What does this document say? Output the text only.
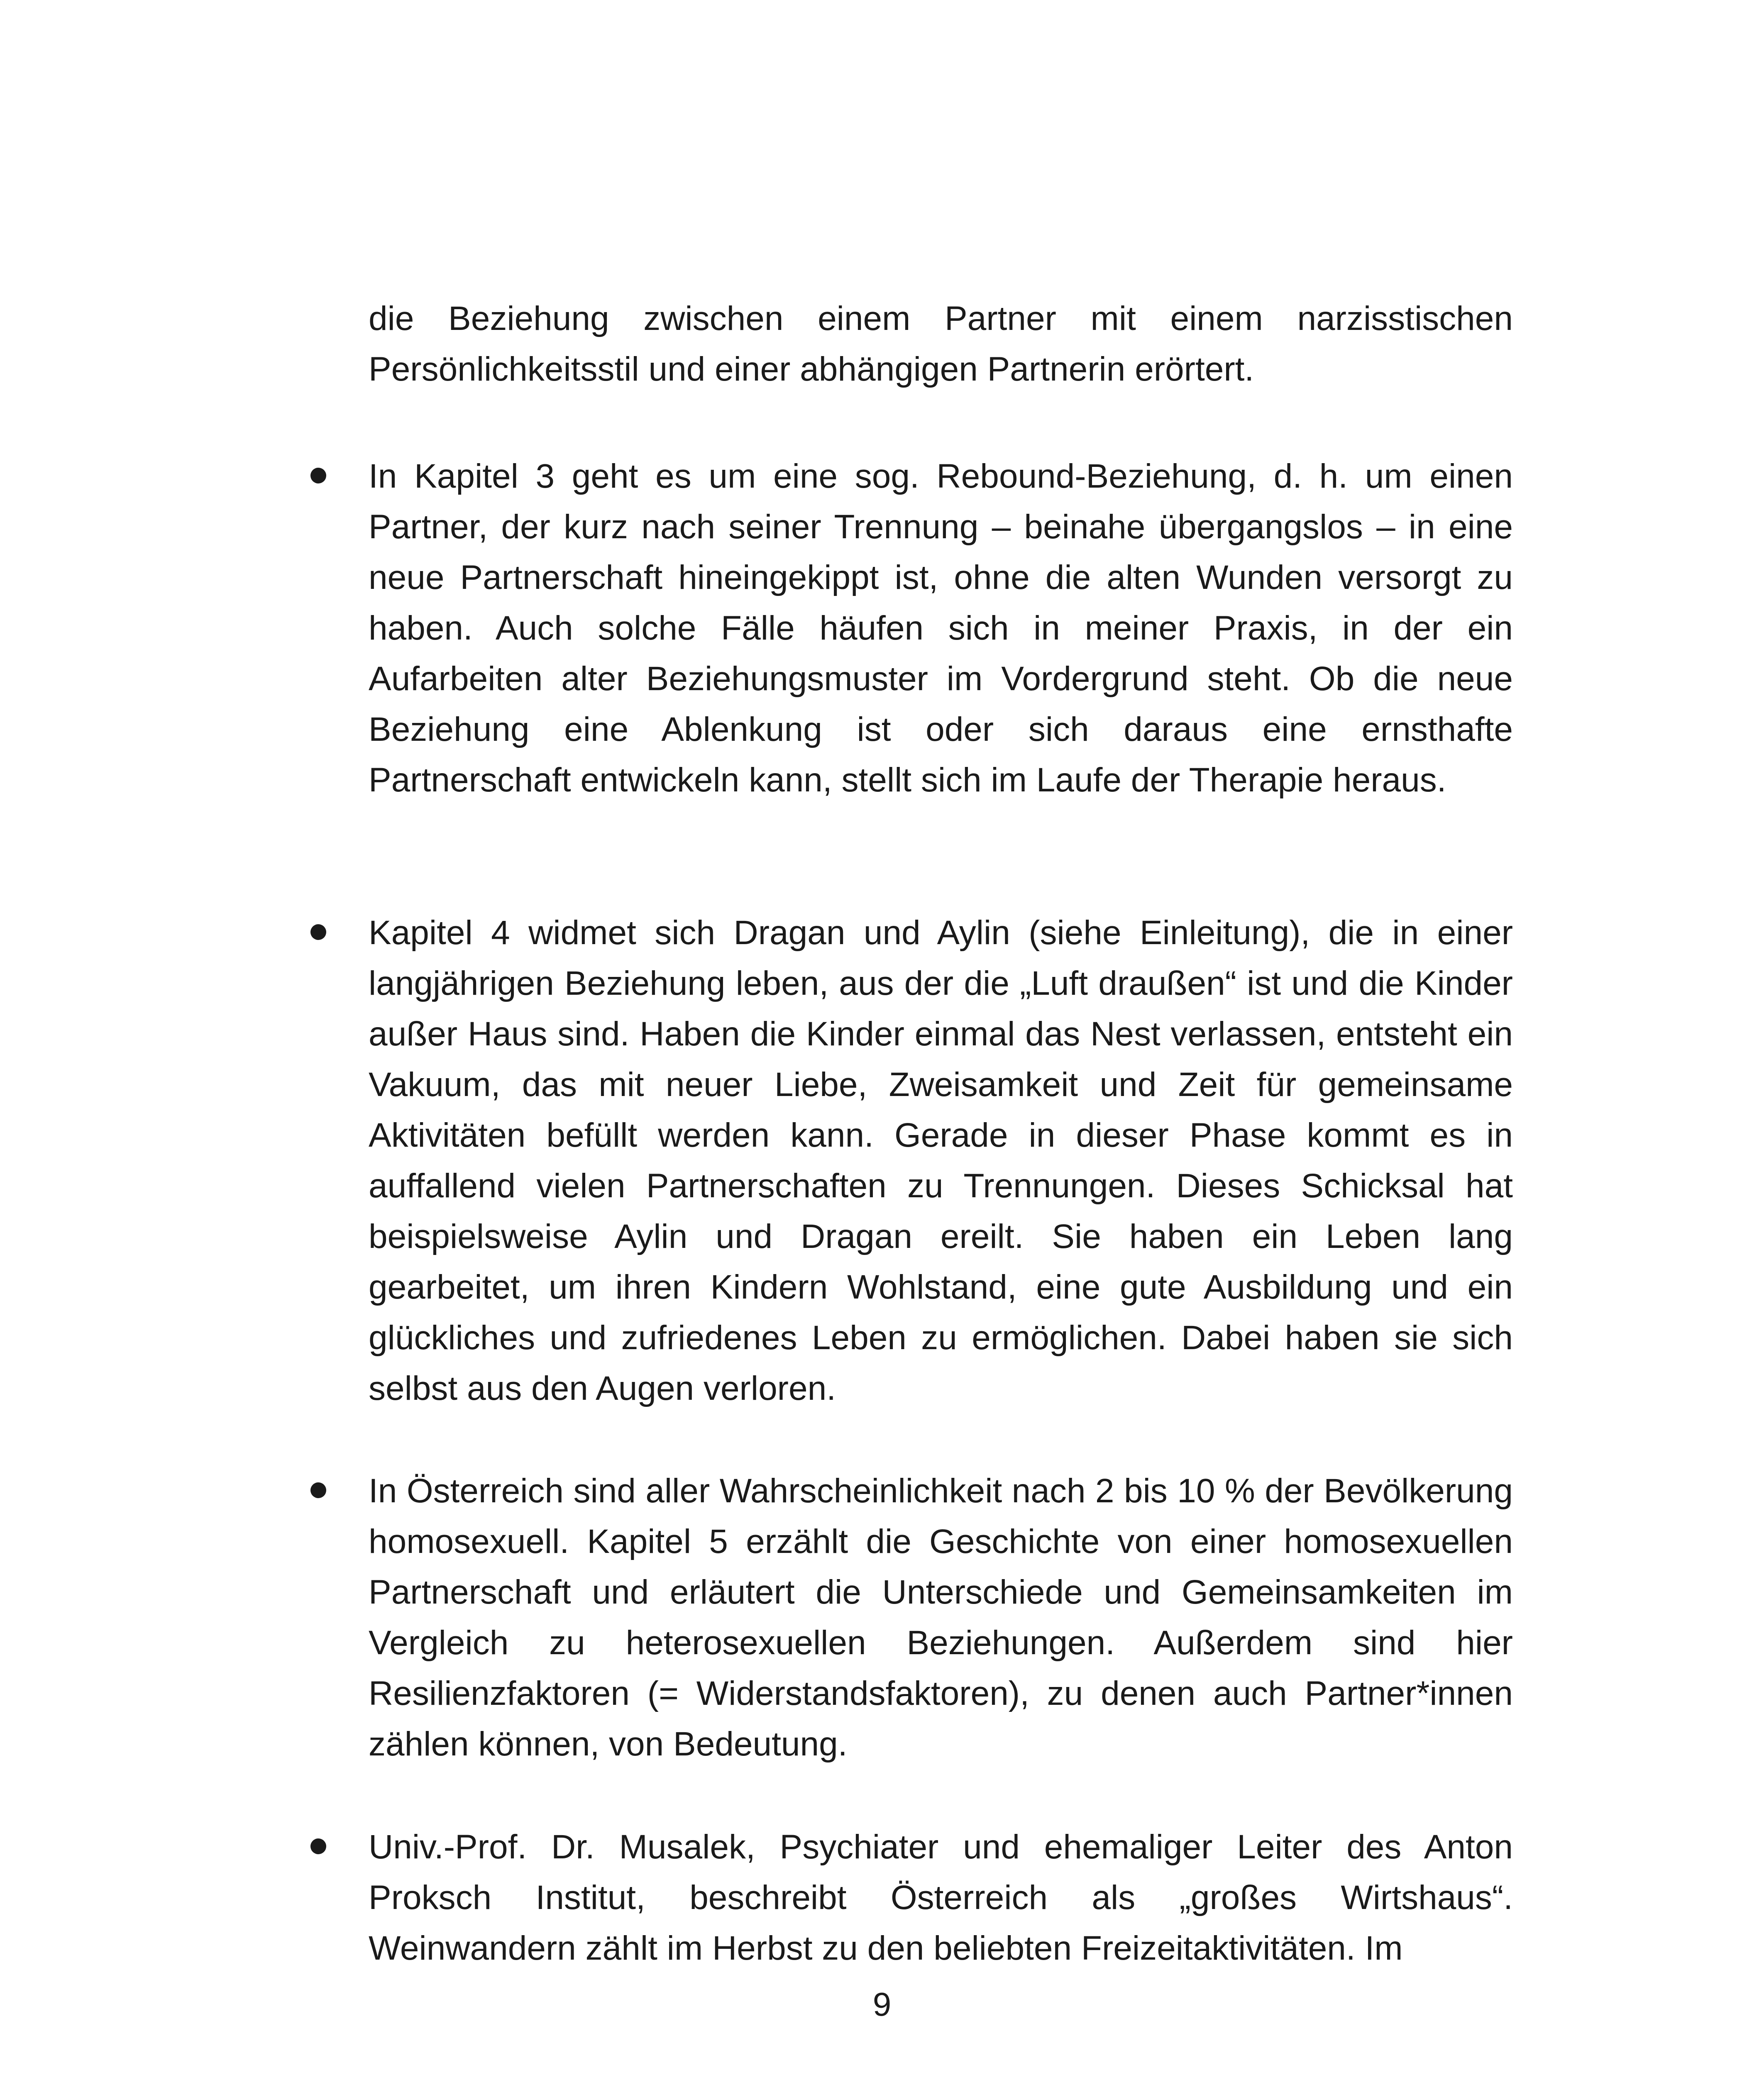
die Beziehung zwischen einem Partner mit einem narzisstischen Persönlichkeitsstil und einer abhängigen Partnerin erörtert.

In Kapitel 3 geht es um eine sog. Rebound-Beziehung, d. h. um einen Partner, der kurz nach seiner Trennung – beinahe übergangslos – in eine neue Partnerschaft hineingekippt ist, ohne die alten Wunden versorgt zu haben. Auch solche Fälle häufen sich in meiner Praxis, in der ein Aufarbeiten alter Beziehungsmuster im Vordergrund steht. Ob die neue Beziehung eine Ablenkung ist oder sich daraus eine ernsthafte Partnerschaft entwickeln kann, stellt sich im Laufe der Therapie heraus.
Kapitel 4 widmet sich Dragan und Aylin (siehe Einleitung), die in einer langjährigen Beziehung leben, aus der die „Luft draußen“ ist und die Kinder außer Haus sind. Haben die Kinder einmal das Nest verlassen, entsteht ein Vakuum, das mit neuer Liebe, Zweisamkeit und Zeit für gemeinsame Aktivitäten befüllt werden kann. Gerade in dieser Phase kommt es in auffallend vielen Partnerschaften zu Trennungen. Dieses Schicksal hat beispielsweise Aylin und Dragan ereilt. Sie haben ein Leben lang gearbeitet, um ihren Kindern Wohlstand, eine gute Ausbildung und ein glückliches und zufriedenes Leben zu ermöglichen. Dabei haben sie sich selbst aus den Augen verloren.
In Österreich sind aller Wahrscheinlichkeit nach 2 bis 10 % der Bevölkerung homosexuell. Kapitel 5 erzählt die Geschichte von einer homosexuellen Partnerschaft und erläutert die Unterschiede und Gemeinsamkeiten im Vergleich zu heterosexuellen Beziehungen. Außerdem sind hier Resilienzfaktoren (= Widerstandsfaktoren), zu denen auch Partner*innen zählen können, von Bedeutung.
Univ.-Prof. Dr. Musalek, Psychiater und ehemaliger Leiter des Anton Proksch Institut, beschreibt Österreich als „großes Wirtshaus“. Weinwandern zählt im Herbst zu den beliebten Freizeitaktivitäten. Im
9
